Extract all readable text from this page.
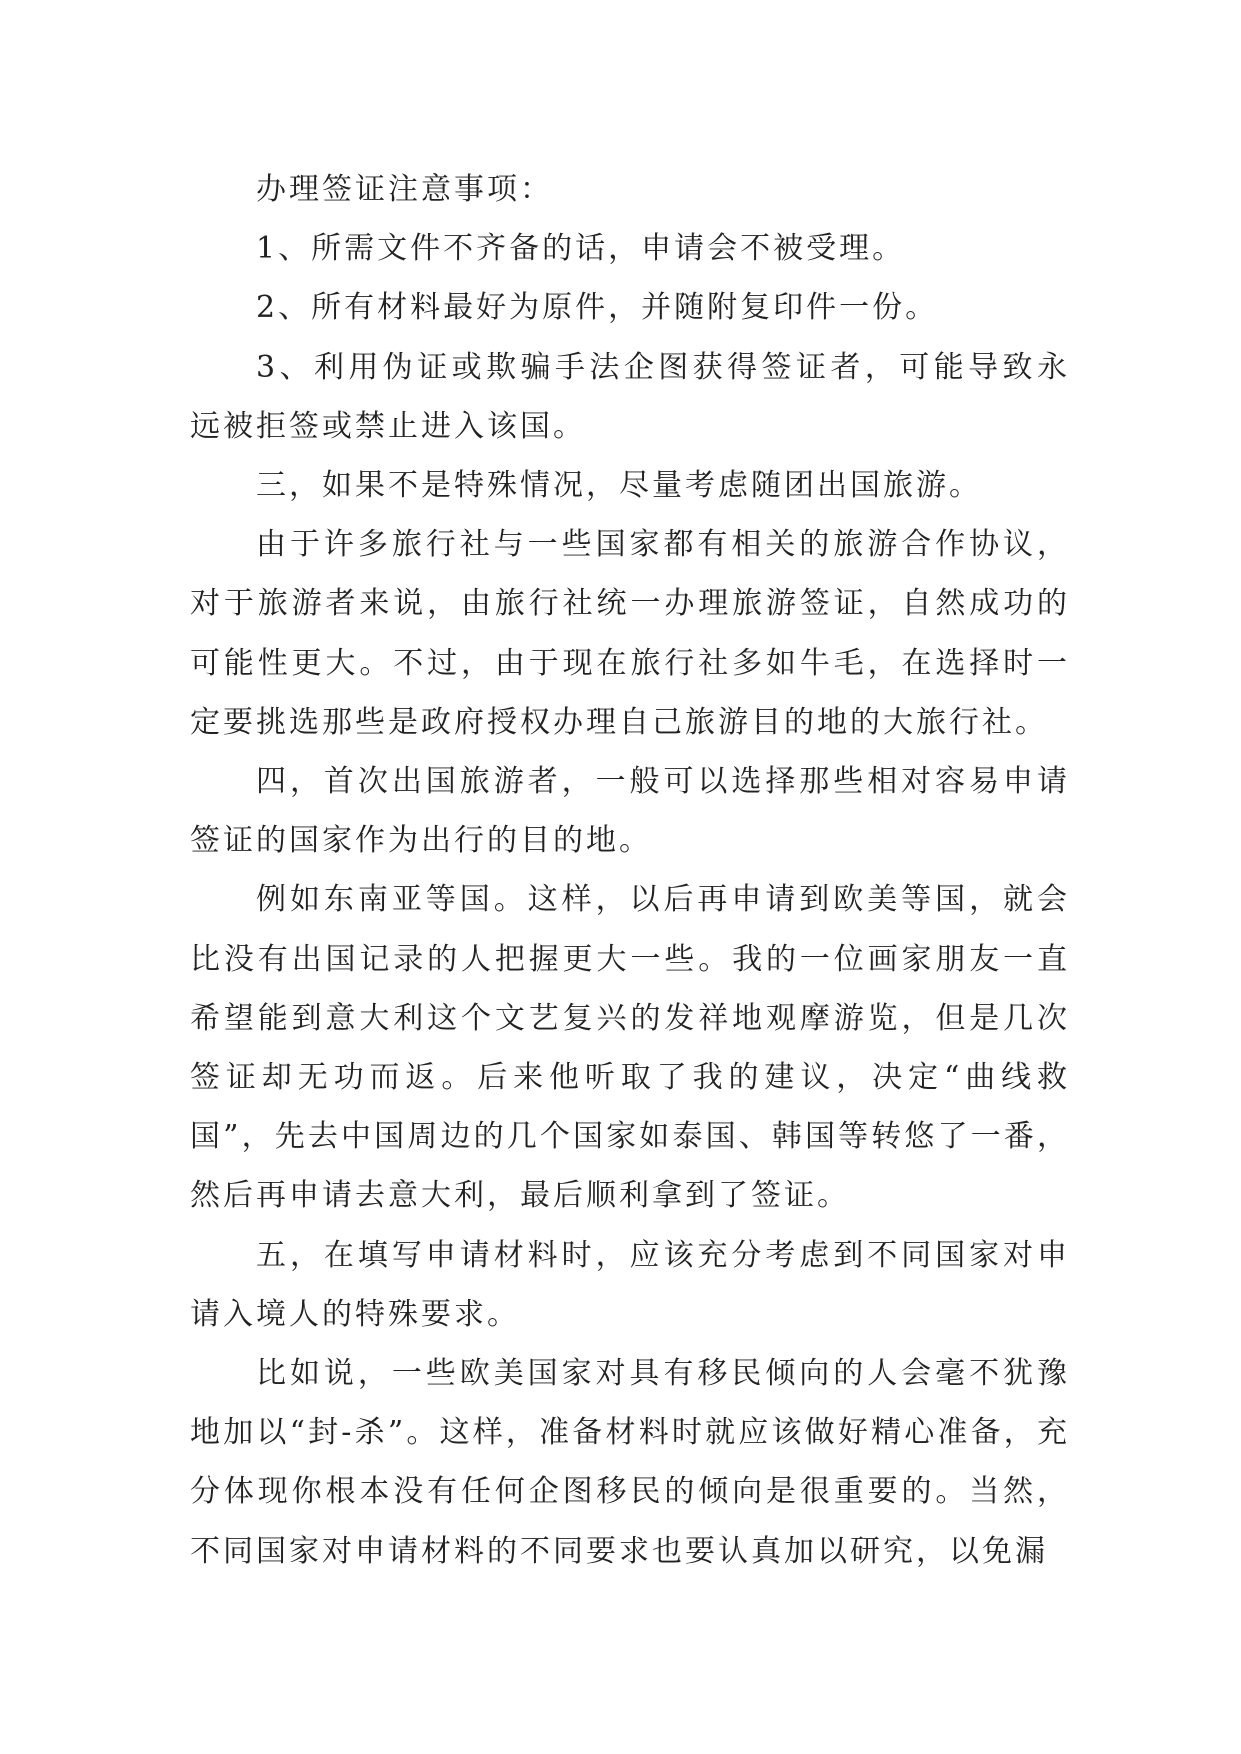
办理签证注意事项：

1、所需文件不齐备的话，申请会不被受理。

2、所有材料最好为原件，并随附复印件一份。

3、利用伪证或欺骗手法企图获得签证者，可能导致永远被拒签或禁止进入该国。

三，如果不是特殊情况，尽量考虑随团出国旅游。

由于许多旅行社与一些国家都有相关的旅游合作协议，对于旅游者来说，由旅行社统一办理旅游签证，自然成功的可能性更大。不过，由于现在旅行社多如牛毛，在选择时一定要挑选那些是政府授权办理自己旅游目的地的大旅行社。

四，首次出国旅游者，一般可以选择那些相对容易申请签证的国家作为出行的目的地。

例如东南亚等国。这样，以后再申请到欧美等国，就会比没有出国记录的人把握更大一些。我的一位画家朋友一直希望能到意大利这个文艺复兴的发祥地观摩游览，但是几次签证却无功而返。后来他听取了我的建议，决定“曲线救国”，先去中国周边的几个国家如泰国、韩国等转悠了一番，然后再申请去意大利，最后顺利拿到了签证。

五，在填写申请材料时，应该充分考虑到不同国家对申请入境人的特殊要求。

比如说，一些欧美国家对具有移民倾向的人会毫不犹豫地加以“封-杀”。这样，准备材料时就应该做好精心准备，充分体现你根本没有任何企图移民的倾向是很重要的。当然，不同国家对申请材料的不同要求也要认真加以研究，以免漏
